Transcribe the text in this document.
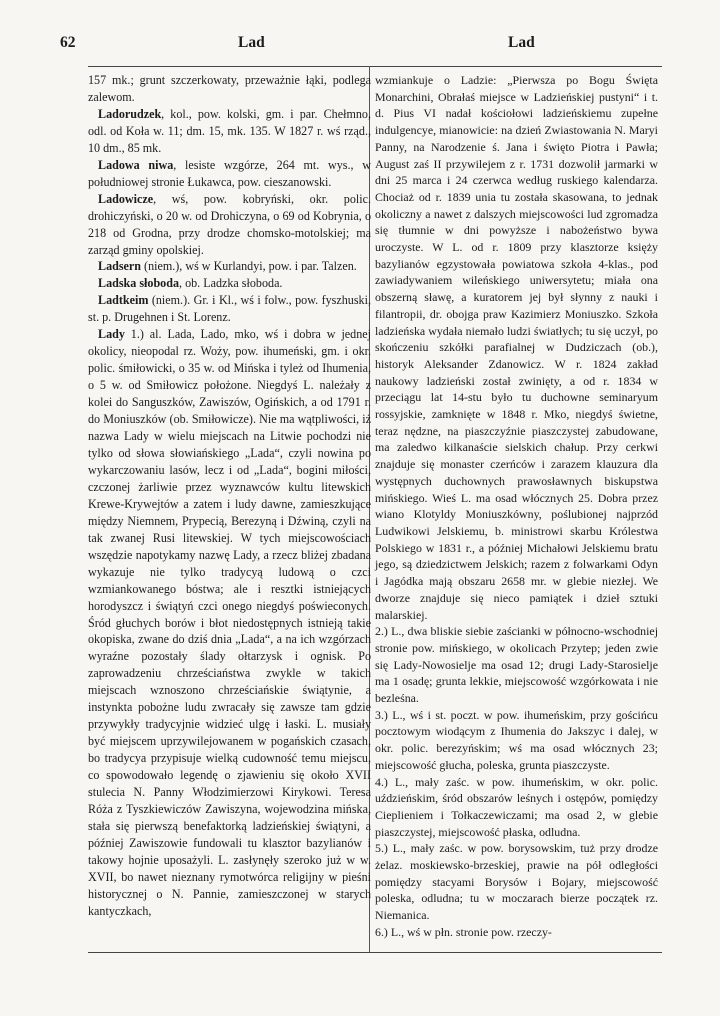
62	Lad	Lad

157 mk.; grunt szczerkowaty, przeważnie łąki, podlega zalewom.

Ladorudzek, kol., pow. kolski, gm. i par. Chełmno, odl. od Koła w. 11; dm. 15, mk. 135. W 1827 r. wś rząd., 10 dm., 85 mk.

Ladowa niwa, lesiste wzgórze, 264 mt. wys., w południowej stronie Łukawca, pow. cieszanowski.

Ladowicze, wś, pow. kobryński, okr. polic. drohiczyński, o 20 w. od Drohiczyna, o 69 od Kobrynia, o 218 od Grodna, przy drodze chomsko-motolskiej; ma zarząd gminy opolskiej.

Ladsern (niem.), wś w Kurlandyi, pow. i par. Talzen.

Ladska słoboda, ob. Ladzka słoboda.

Ladtkeim (niem.). Gr. i Kl., wś i folw., pow. fyszhuski, st. p. Drugehnen i St. Lorenz.

Lady 1.) al. Lada, Lado, mko, wś i dobra w jednej okolicy, nieopodal rz. Woży, pow. ihumeński, gm. i okr. polic. śmiłowicki, o 35 w. od Mińska i tyleż od Ihumenia, o 5 w. od Smiłowicz położone. Niegdyś L. należały z kolei do Sanguszków, Zawiszów, Ogińskich, a od 1791 r. do Moniuszków (ob. Smiłowicze). Nie ma wątpliwości, iż nazwa Lady w wielu miejscach na Litwie pochodzi nie tylko od słowa słowiańskiego „Lada“, czyli nowina po wykarczowaniu lasów, lecz i od „Lada“, bogini miłości, czczonej żarliwie przez wyznawców kultu litewskich Krewe-Krywejtów a zatem i ludy dawne, zamieszkujące między Niemnem, Prypecią, Berezyną i Dźwiną, czyli na tak zwanej Rusi litewskiej. W tych miejscowościach wszędzie napotykamy nazwę Lady, a rzecz bliżej zbadana wykazuje nie tylko tradycyą ludową o czci wzmiankowanego bóstwa; ale i resztki istniejących horodyszcz i świątyń czci onego niegdyś poświeconych. Śród głuchych borów i błot niedostępnych istnieją takie okopiska, zwane do dziś dnia „Lada“, a na ich wzgórzach wyraźne pozostały ślady ołtarzysk i ognisk. Po zaprowadzeniu chrześciaństwa zwykle w takich miejscach wznoszono chrześciańskie świątynie, a instynkta pobożne ludu zwracały się zawsze tam gdzie przywykły tradycyjnie widzieć ulgę i łaski. L. musiały być miejscem uprzywilejowanem w pogańskich czasach, bo tradycya przypisuje wielką cudowność temu miejscu, co spowodowało legendę o zjawieniu się około XVII stulecia N. Panny Włodzimierzowi Kirykowi. Teresa Róża z Tyszkiewiczów Zawiszyna, wojewodzina mińska, stała się pierwszą benefaktorką ladzieńskiej świątyni, a później Zawiszowie fundowali tu klasztor bazylianów i takowy hojnie uposażyli. L. zasłynęły szeroko już w w. XVII, bo nawet nieznany rymotwórca religijny w pieśni historycznej o N. Pannie, zamieszczonej w starych kantyczkach,

wzmiankuje o Ladzie: „Pierwsza po Bogu Święta Monarchini, Obrałaś miejsce w Ladzieńskiej pustyni“ i t. d. Pius VI nadał kościołowi ladzieńskiemu zupełne indulgencye, mianowicie: na dzień Zwiastowania N. Maryi Panny, na Narodzenie ś. Jana i święto Piotra i Pawła; August zaś II przywilejem z r. 1731 dozwolił jarmarki w dni 25 marca i 24 czerwca według ruskiego kalendarza. Chociaż od r. 1839 unia tu została skasowana, to jednak okoliczny a nawet z dalszych miejscowości lud zgromadza się tłumnie w dni powyższe i nabożeństwo bywa uroczyste. W L. od r. 1809 przy klasztorze księży bazylianów egzystowała powiatowa szkoła 4-klas., pod zawiadywaniem wileńskiego uniwersytetu; miała ona obszerną sławę, a kuratorem jej był słynny z nauki i filantropii, dr. obojga praw Kazimierz Moniuszko. Szkoła ladzieńska wydała niemało ludzi światłych; tu się uczył, po skończeniu szkółki parafialnej w Dudziczach (ob.), historyk Aleksander Zdanowicz. W r. 1824 zakład naukowy ladzieński został zwinięty, a od r. 1834 w przeciągu lat 14-stu było tu duchowne seminaryum rossyjskie, zamknięte w 1848 r. Mko, niegdyś świetne, teraz nędzne, na piaszczyźnie piaszczystej zabudowane, ma zaledwo kilkanaście sielskich chałup. Przy cerkwi znajduje się monaster czerńców i zarazem klauzura dla występnych duchownych prawosławnych biskupstwa mińskiego. Wieś L. ma osad włócznych 25. Dobra przez wiano Klotyldy Moniuszkówny, poślubionej najprzód Ludwikowi Jelskiemu, b. ministrowi skarbu Królestwa Polskiego w 1831 r., a później Michałowi Jelskiemu bratu jego, są dziedzictwem Jelskich; razem z folwarkami Odyn i Jagódka mają obszaru 2658 mr. w glebie niezłej. We dworze znajduje się nieco pamiątek i dzieł sztuki malarskiej.

2.) L., dwa bliskie siebie zaścianki w północno-wschodniej stronie pow. mińskiego, w okolicach Przytep; jeden zwie się Lady-Nowosielje ma osad 12; drugi Lady-Starosielje ma 1 osadę; grunta lekkie, miejscowość wzgórkowata i nie bezleśna.

3.) L., wś i st. poczt. w pow. ihumeńskim, przy gościńcu pocztowym wiodącym z Ihumenia do Jakszyc i dalej, w okr. polic. berezyńskim; wś ma osad włócznych 23; miejscowość głucha, poleska, grunta piaszczyste.

4.) L., mały zaśc. w pow. ihumeńskim, w okr. polic. uździeńskim, śród obszarów leśnych i ostępów, pomiędzy Cieplieniem i Tołkaczewiczami; ma osad 2, w glebie piaszczystej, miejscowość płaska, odludna.

5.) L., mały zaśc. w pow. borysowskim, tuż przy drodze żelaz. moskiewsko-brzeskiej, prawie na pół odległości pomiędzy stacyami Borysów i Bojary, miejscowość poleska, odludna; tu w moczarach bierze początek rz. Niemanica.

6.) L., wś w płn. stronie pow. rzeczy-
